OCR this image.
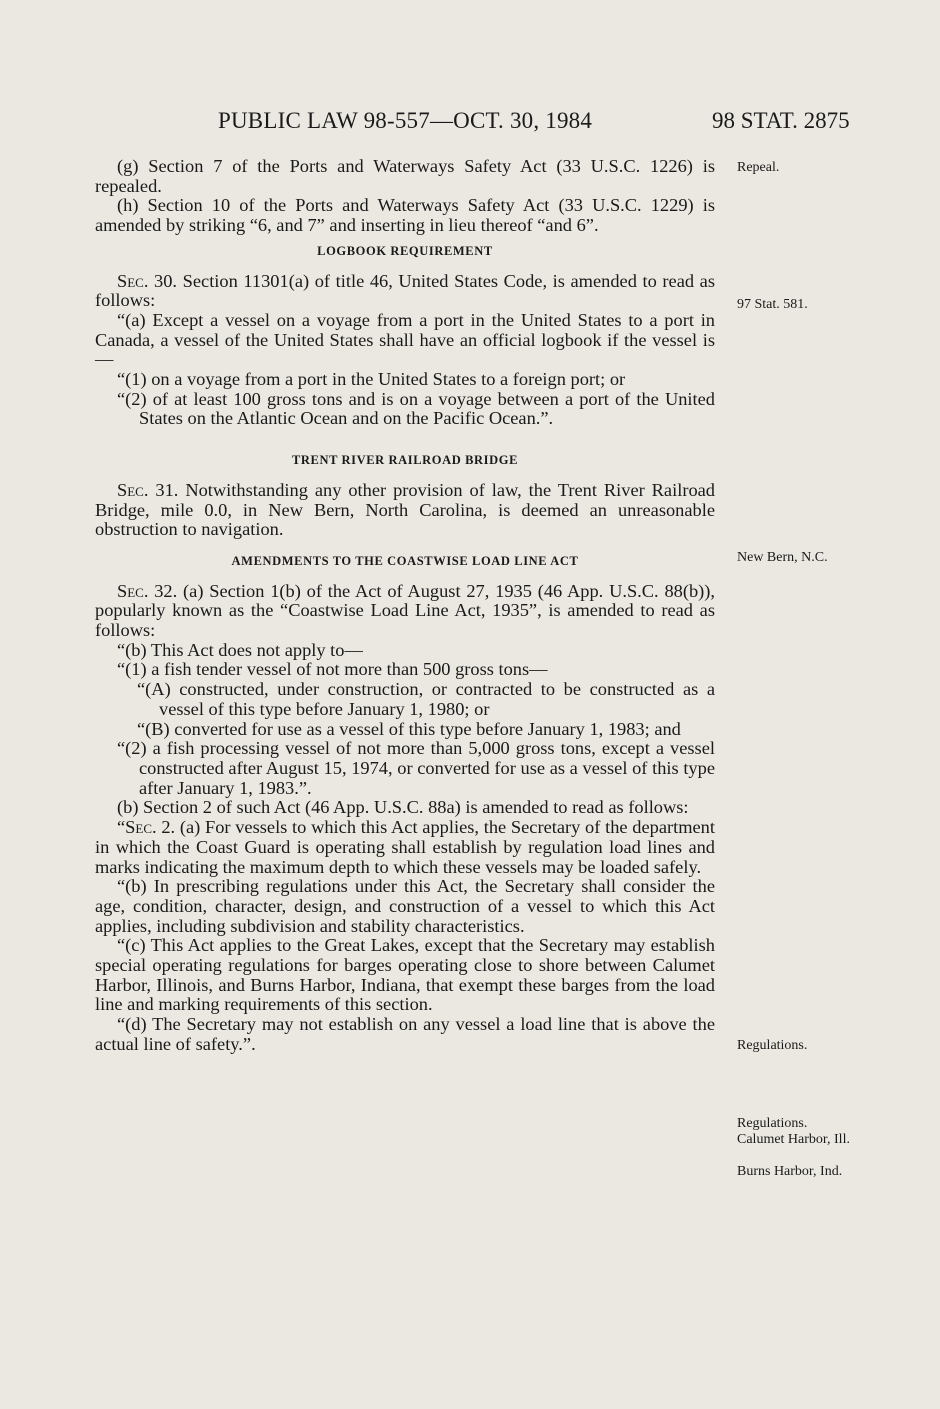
PUBLIC LAW 98-557—OCT. 30, 1984	98 STAT. 2875

(g) Section 7 of the Ports and Waterways Safety Act (33 U.S.C. 1226) is repealed.

(h) Section 10 of the Ports and Waterways Safety Act (33 U.S.C. 1229) is amended by striking “6, and 7” and inserting in lieu thereof “and 6”.

LOGBOOK REQUIREMENT

Sec. 30. Section 11301(a) of title 46, United States Code, is amended to read as follows:

“(a) Except a vessel on a voyage from a port in the United States to a port in Canada, a vessel of the United States shall have an official logbook if the vessel is—

“(1) on a voyage from a port in the United States to a foreign port; or

“(2) of at least 100 gross tons and is on a voyage between a port of the United States on the Atlantic Ocean and on the Pacific Ocean.”.

TRENT RIVER RAILROAD BRIDGE

Sec. 31. Notwithstanding any other provision of law, the Trent River Railroad Bridge, mile 0.0, in New Bern, North Carolina, is deemed an unreasonable obstruction to navigation.

AMENDMENTS TO THE COASTWISE LOAD LINE ACT

Sec. 32. (a) Section 1(b) of the Act of August 27, 1935 (46 App. U.S.C. 88(b)), popularly known as the “Coastwise Load Line Act, 1935”, is amended to read as follows:

“(b) This Act does not apply to—

“(1) a fish tender vessel of not more than 500 gross tons—

“(A) constructed, under construction, or contracted to be constructed as a vessel of this type before January 1, 1980; or

“(B) converted for use as a vessel of this type before January 1, 1983; and

“(2) a fish processing vessel of not more than 5,000 gross tons, except a vessel constructed after August 15, 1974, or converted for use as a vessel of this type after January 1, 1983.”.

(b) Section 2 of such Act (46 App. U.S.C. 88a) is amended to read as follows:

“Sec. 2. (a) For vessels to which this Act applies, the Secretary of the department in which the Coast Guard is operating shall establish by regulation load lines and marks indicating the maximum depth to which these vessels may be loaded safely.

“(b) In prescribing regulations under this Act, the Secretary shall consider the age, condition, character, design, and construction of a vessel to which this Act applies, including subdivision and stability characteristics.

“(c) This Act applies to the Great Lakes, except that the Secretary may establish special operating regulations for barges operating close to shore between Calumet Harbor, Illinois, and Burns Harbor, Indiana, that exempt these barges from the load line and marking requirements of this section.

“(d) The Secretary may not establish on any vessel a load line that is above the actual line of safety.”.

Repeal.
97 Stat. 581.
New Bern, N.C.
Regulations.
Regulations.
Calumet Harbor, Ill.
Burns Harbor, Ind.
